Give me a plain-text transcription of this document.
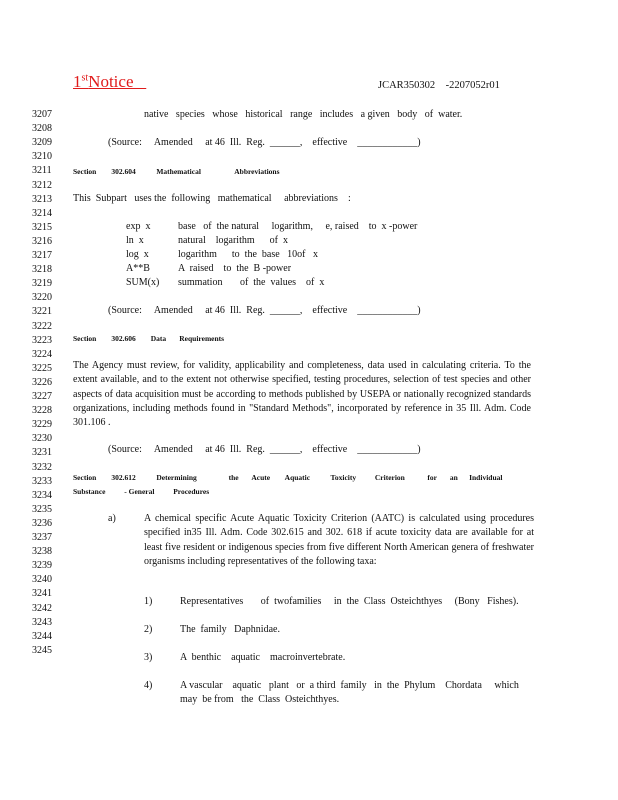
1stNotice	JCAR350302    -2207052r01
3207
3208
3209
3210
3211
3212
3213
3214
3215
3216
3217
3218
3219
3220
3221
3222
3223
3224
3225
3226
3227
3228
3229
3230
3231
3232
3233
3234
3235
3236
3237
3238
3239
3240
3241
3242
3243
3244
3245
native   species   whose   historical   range   includes   a given   body   of  water.
(Source:     Amended     at 46  Ill.  Reg.  ______,    effective    ____________)
Section        302.604           Mathematical                  Abbreviations
This  Subpart   uses the  following   mathematical     abbreviations    :
exp  x	base   of  the natural     logarithm,     e, raised    to  x -power
ln  x	natural    logarithm      of  x
log  x	logarithm      to  the  base   10of   x
A**B	A  raised    to  the  B -power
SUM(x) summation       of  the  values    of  x
(Source:     Amended     at 46  Ill.  Reg.  ______,    effective    ____________)
Section        302.606        Data       Requirements
The Agency must review, for validity, applicability and completeness, data used in calculating criteria. To the extent available, and to the extent not otherwise specified, testing procedures, selection of test species and other aspects of data acquisition must be according to methods published by USEPA or nationally recognized standards organizations, including methods found in "Standard Methods", incorporated by reference in 35 Ill. Adm. Code 301.106 .
(Source:     Amended     at 46  Ill.  Reg.  ______,    effective    ____________)
Section        302.612           Determining                 the       Acute        Aquatic           Toxicity          Criterion            for       an      Individual
Substance          - General          Procedures
a)	A chemical specific Acute Aquatic Toxicity Criterion (AATC) is calculated using procedures specified in35 Ill. Adm. Code 302.615 and 302. 618 if acute toxicity data are available for at least five resident or indigenous species from five different North American genera of freshwater organisms including representatives of the following taxa:
1)	Representatives       of  twofamilies     in  the  Class  Osteichthyes     (Bony   Fishes).
2)	The  family   Daphnidae.
3)	A  benthic    aquatic    macroinvertebrate.
4)	A vascular    aquatic   plant   or  a third  family   in  the  Phylum    Chordata     which
may  be from   the  Class  Osteichthyes.
